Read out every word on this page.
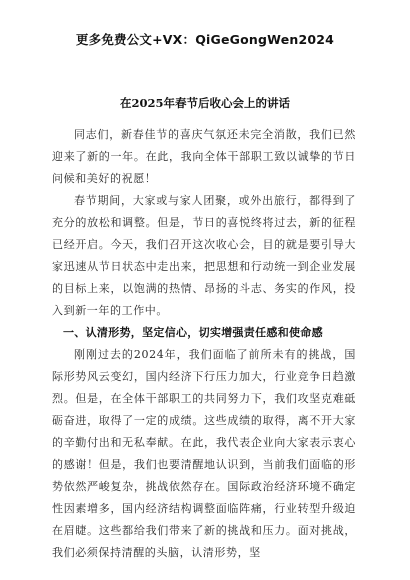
更多免费公文+VX：QiGeGongWen2024
在2025年春节后收心会上的讲话

同志们，新春佳节的喜庆气氛还未完全消散，我们已然迎来了新的一年。在此，我向全体干部职工致以诚挚的节日问候和美好的祝愿！

春节期间，大家或与家人团聚，或外出旅行，都得到了充分的放松和调整。但是，节日的喜悦终将过去，新的征程已经开启。今天，我们召开这次收心会，目的就是要引导大家迅速从节日状态中走出来，把思想和行动统一到企业发展的目标上来，以饱满的热情、昂扬的斗志、务实的作风，投入到新一年的工作中。

一、认清形势，坚定信心，切实增强责任感和使命感

刚刚过去的2024年，我们面临了前所未有的挑战，国际形势风云变幻，国内经济下行压力加大，行业竞争日趋激烈。但是，在全体干部职工的共同努力下，我们攻坚克难砥砺奋进，取得了一定的成绩。这些成绩的取得，离不开大家的辛勤付出和无私奉献。在此，我代表企业向大家表示衷心的感谢！但是，我们也要清醒地认识到，当前我们面临的形势依然严峻复杂，挑战依然存在。国际政治经济环境不确定性因素增多，国内经济结构调整面临阵痛，行业转型升级迫在眉睫。这些都给我们带来了新的挑战和压力。面对挑战，我们必须保持清醒的头脑，认清形势，坚
